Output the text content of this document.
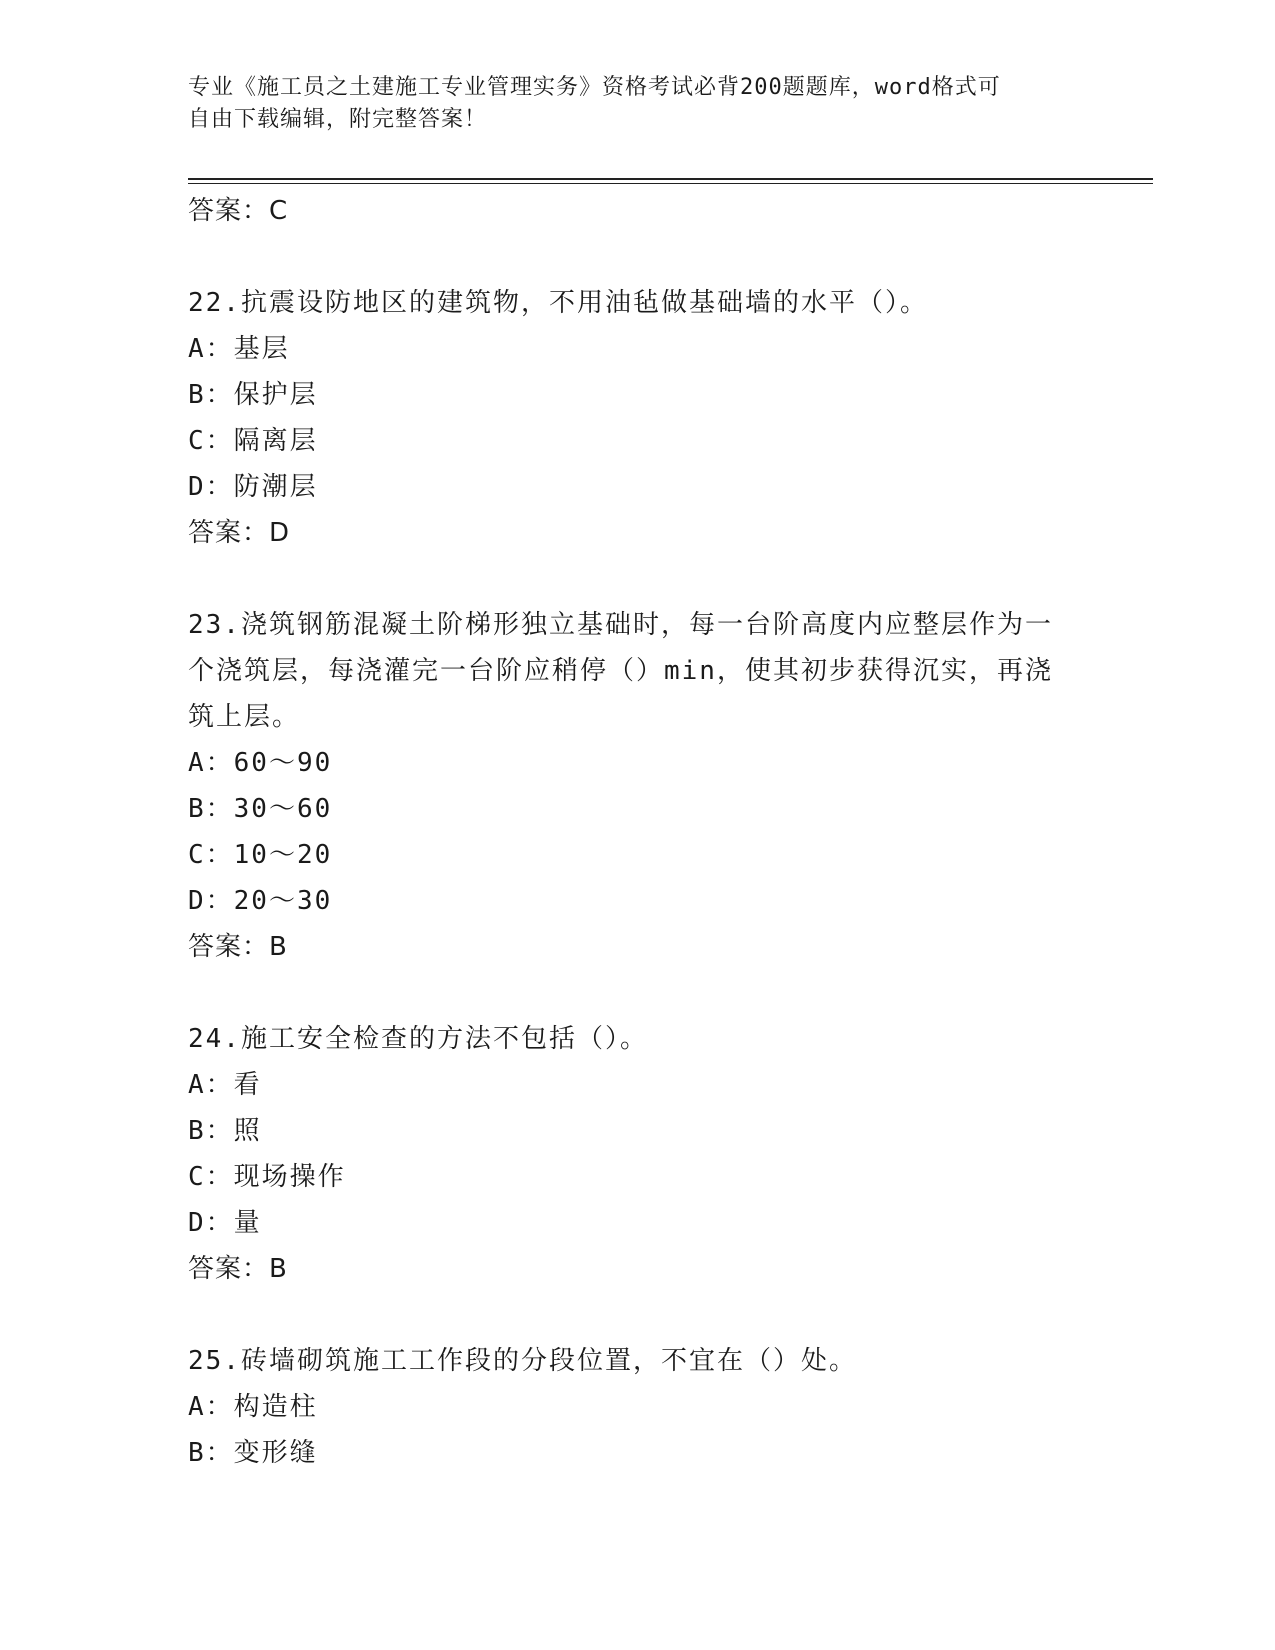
专业《施工员之土建施工专业管理实务》资格考试必背200题题库，word格式可
自由下载编辑，附完整答案！
答案：C
22.抗震设防地区的建筑物，不用油毡做基础墙的水平（）。
A：基层
B：保护层
C：隔离层
D：防潮层
答案：D
23.浇筑钢筋混凝土阶梯形独立基础时，每一台阶高度内应整层作为一
个浇筑层，每浇灌完一台阶应稍停（）min，使其初步获得沉实，再浇
筑上层。
A：60～90
B：30～60
C：10～20
D：20～30
答案：B
24.施工安全检查的方法不包括（）。
A：看
B：照
C：现场操作
D：量
答案：B
25.砖墙砌筑施工工作段的分段位置，不宜在（）处。
A：构造柱
B：变形缝
